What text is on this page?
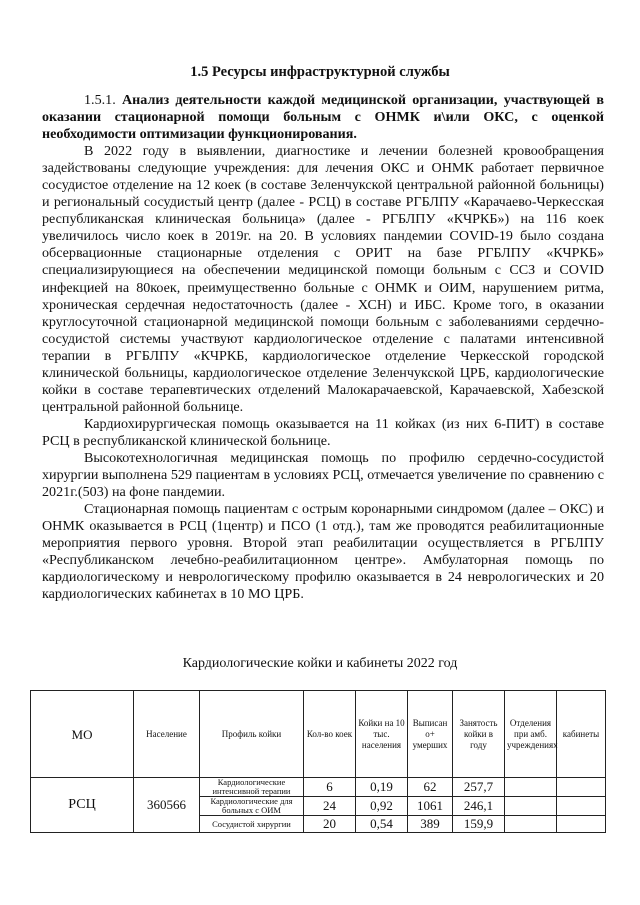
1.5 Ресурсы инфраструктурной службы

1.5.1. Анализ деятельности каждой медицинской организации, участвующей в оказании стационарной помощи больным с ОНМК и\или ОКС, с оценкой необходимости оптимизации функционирования.

В 2022 году в выявлении, диагностике и лечении болезней кровообращения задействованы следующие учреждения: для лечения ОКС и ОНМК работает первичное сосудистое отделение на 12 коек (в составе Зеленчукской центральной районной больницы) и региональный сосудистый центр (далее - РСЦ) в составе РГБЛПУ «Карачаево-Черкесская республиканская клиническая больница» (далее - РГБЛПУ «КЧРКБ») на 116 коек увеличилось число коек в 2019г. на 20. В условиях пандемии COVID-19 было создана обсервационные стационарные отделения с ОРИТ на базе РГБЛПУ «КЧРКБ» специализирующиеся на обеспечении медицинской помощи больным с ССЗ и COVID инфекцией на 80коек, преимущественно больные с ОНМК и ОИМ, нарушением ритма, хроническая сердечная недостаточность (далее - ХСН) и ИБС. Кроме того, в оказании круглосуточной стационарной медицинской помощи больным с заболеваниями сердечно-сосудистой системы участвуют кардиологическое отделение с палатами интенсивной терапии в РГБЛПУ «КЧРКБ, кардиологическое отделение Черкесской городской клинической больницы, кардиологическое отделение Зеленчукской ЦРБ, кардиологические койки в составе терапевтических отделений Малокарачаевской, Карачаевской, Хабезской центральной районной больнице.

Кардиохирургическая помощь оказывается на 11 койках (из них 6-ПИТ) в составе РСЦ в республиканской клинической больнице.

Высокотехнологичная медицинская помощь по профилю сердечно-сосудистой хирургии выполнена 529 пациентам в условиях РСЦ, отмечается увеличение по сравнению с 2021г.(503) на фоне пандемии.

Стационарная помощь пациентам с острым коронарными синдромом (далее – ОКС) и ОНМК оказывается в РСЦ (1центр) и ПСО (1 отд.), там же проводятся реабилитационные мероприятия первого уровня. Второй этап реабилитации осуществляется в РГБЛПУ «Республиканском лечебно-реабилитационном центре». Амбулаторная помощь по кардиологическому и неврологическому профилю оказывается в 24 неврологических и 20 кардиологических кабинетах в 10 МО ЦРБ.

Кардиологические койки и кабинеты 2022 год
МО	Население	Профиль койки	Кол-во коек	Койки на 10 тыс. населения	Выписан о+ умерших	Занятость койки в году	Отделения при амб. учреждениях	кабинеты
РСЦ	360566	Кардиологические интенсивной терапии	6	0,19	62	257,7		
		Кардиологические для больных с ОИМ	24	0,92	1061	246,1		
		Сосудистой хирургии	20	0,54	389	159,9		
